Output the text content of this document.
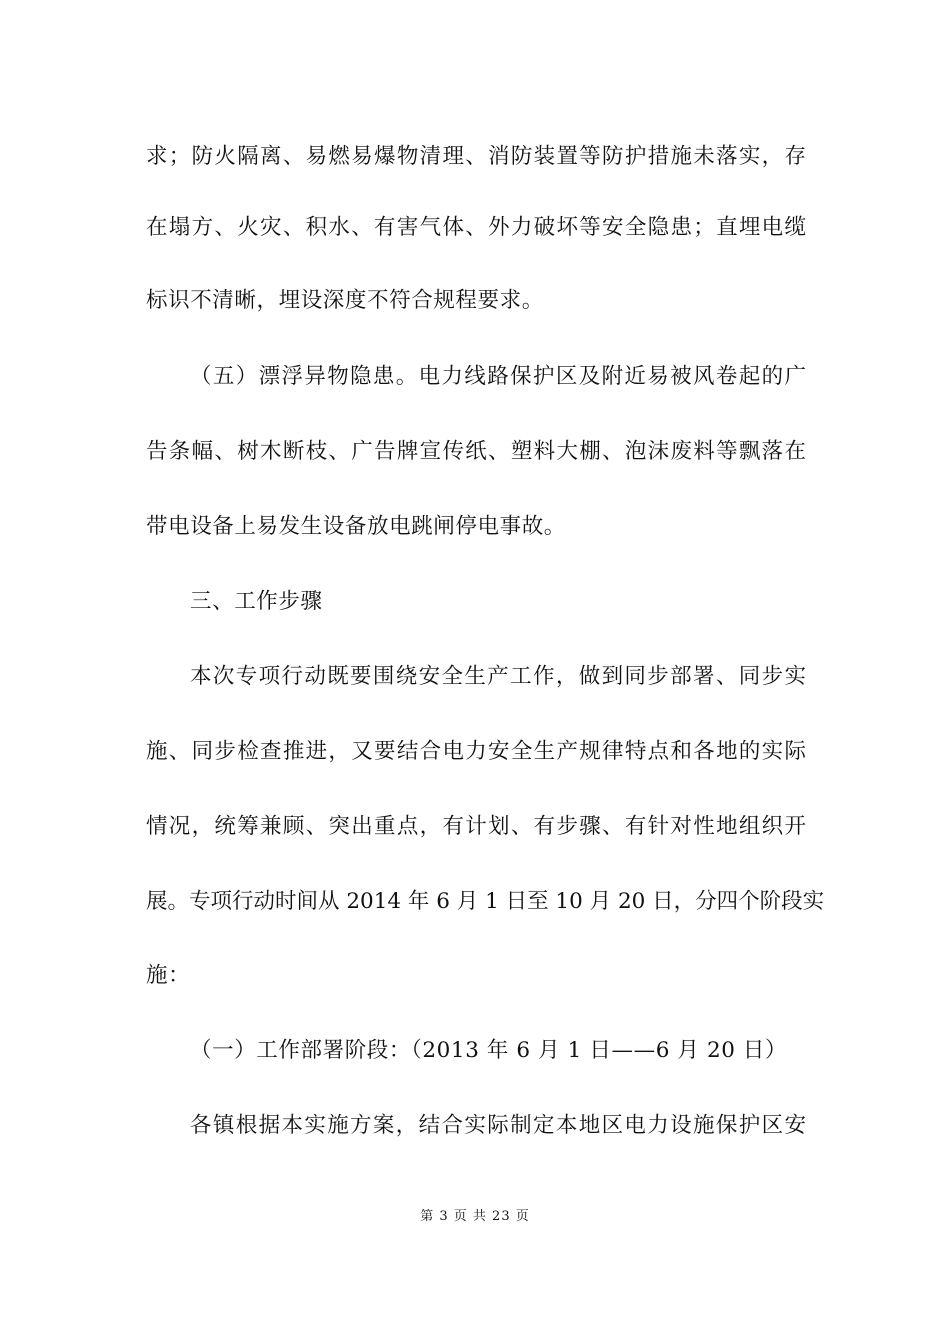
求；防火隔离、易燃易爆物清理、消防装置等防护措施未落实，存
在塌方、火灾、积水、有害气体、外力破坏等安全隐患；直埋电缆
标识不清晰，埋设深度不符合规程要求。
（五）漂浮异物隐患。电力线路保护区及附近易被风卷起的广
告条幅、树木断枝、广告牌宣传纸、塑料大棚、泡沫废料等飘落在
带电设备上易发生设备放电跳闸停电事故。
三、工作步骤
本次专项行动既要围绕安全生产工作，做到同步部署、同步实
施、同步检查推进，又要结合电力安全生产规律特点和各地的实际
情况，统筹兼顾、突出重点，有计划、有步骤、有针对性地组织开
展。专项行动时间从 2014 年 6 月 1 日至 10 月 20 日，分四个阶段实
施：
（一）工作部署阶段：（2013 年 6 月 1 日——6 月 20 日）
各镇根据本实施方案，结合实际制定本地区电力设施保护区安
第 3 页 共 23 页
